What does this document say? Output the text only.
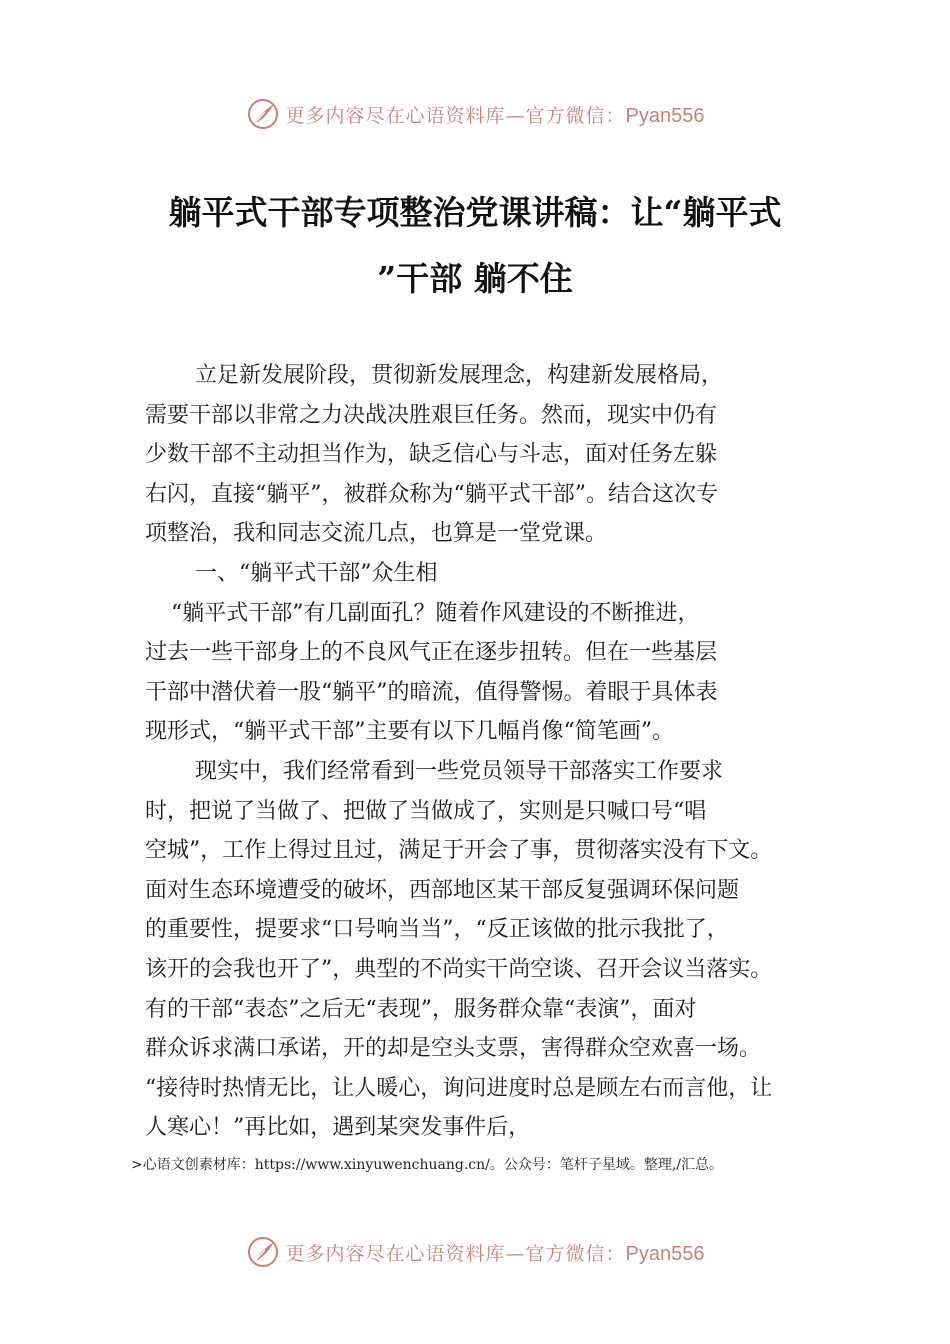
更多内容尽在心语资料库—官方微信：Pyan556
躺平式干部专项整治党课讲稿：让“躺平式
”干部 躺不住
立足新发展阶段，贯彻新发展理念，构建新发展格局，
需要干部以非常之力决战决胜艰巨任务。然而，现实中仍有
少数干部不主动担当作为，缺乏信心与斗志，面对任务左躲
右闪，直接“躺平”，被群众称为“躺平式干部”。结合这次专
项整治，我和同志交流几点，也算是一堂党课。
一、“躺平式干部”众生相
“躺平式干部”有几副面孔？随着作风建设的不断推进，
过去一些干部身上的不良风气正在逐步扭转。但在一些基层
干部中潜伏着一股“躺平”的暗流，值得警惕。着眼于具体表
现形式，“躺平式干部”主要有以下几幅肖像“简笔画”。
现实中，我们经常看到一些党员领导干部落实工作要求
时，把说了当做了、把做了当做成了，实则是只喊口号“唱
空城”，工作上得过且过，满足于开会了事，贯彻落实没有下文。
面对生态环境遭受的破坏，西部地区某干部反复强调环保问题
的重要性，提要求“口号响当当”，“反正该做的批示我批了，
该开的会我也开了”，典型的不尚实干尚空谈、召开会议当落实。
有的干部“表态”之后无“表现”，服务群众靠“表演”，面对
群众诉求满口承诺，开的却是空头支票，害得群众空欢喜一场。
“接待时热情无比，让人暖心，询问进度时总是顾左右而言他，让
人寒心！”再比如，遇到某突发事件后，
>心语文创素材库：https://www.xinyuwenchuang.cn/。公众号：笔杆子星域。整理,/汇总。
更多内容尽在心语资料库—官方微信：Pyan556
